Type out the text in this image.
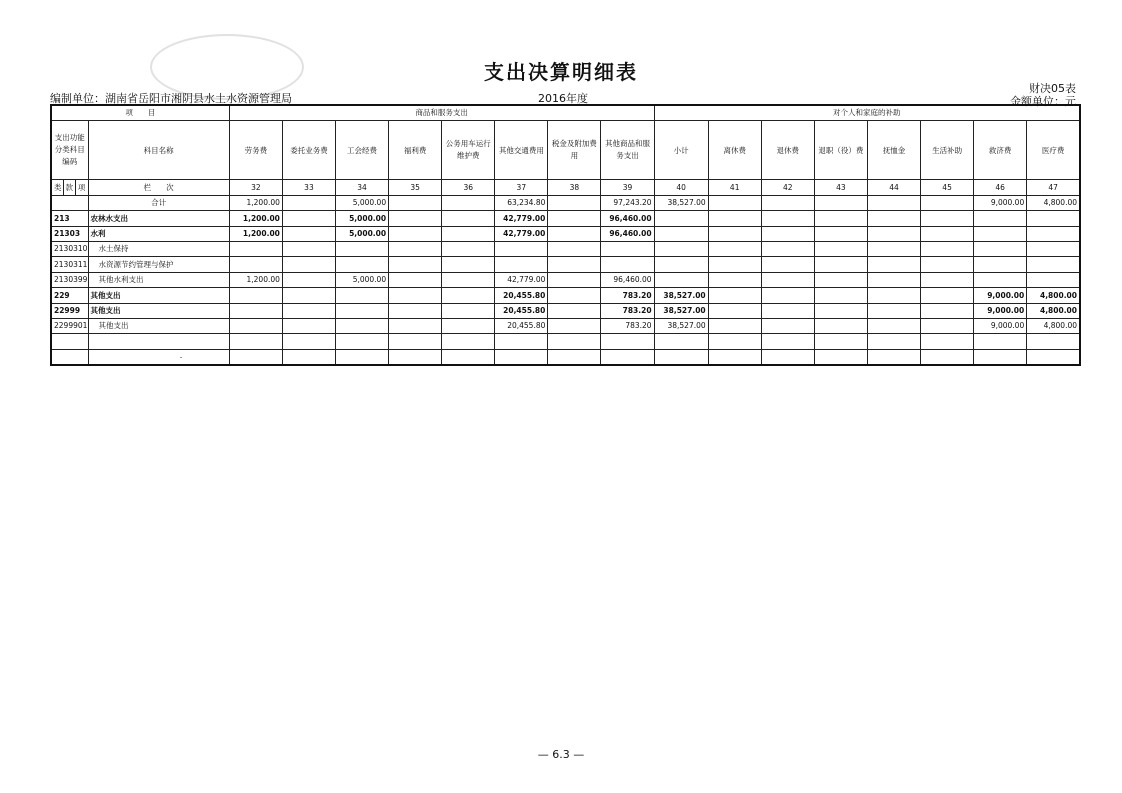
支出决算明细表
编制单位：湖南省岳阳市湘阴县水土水资源管理局	2016年度
财决05表
金额单位：元
项　　目				商品和服务支出								对个人和家庭的补助							
支出功能分类科目编码			科目名称	劳务费	委托业务费	工会经费	福利费	公务用车运行维护费	其他交通费用	税金及附加费用	其他商品和服务支出	小计	离休费	退休费	退职（役）费	抚恤金	生活补助	救济费	医疗费
类	款	项	栏　　次	32	33	34	35	36	37	38	39	40	41	42	43	44	45	46	47
			合计	1,200.00		5,000.00			63,234.80		97,243.20	38,527.00						9,000.00	4,800.00
213			农林水支出	1,200.00		5,000.00			42,779.00		96,460.00								
21303			水利	1,200.00		5,000.00			42,779.00		96,460.00								
2130310			水土保持																
2130311			水资源节约管理与保护																
2130399			其他水利支出	1,200.00		5,000.00			42,779.00		96,460.00								
229			其他支出						20,455.80		783.20	38,527.00						9,000.00	4,800.00
22999			其他支出						20,455.80		783.20	38,527.00						9,000.00	4,800.00
2299901			其他支出						20,455.80		783.20	38,527.00						9,000.00	4,800.00

— 6.3 —
